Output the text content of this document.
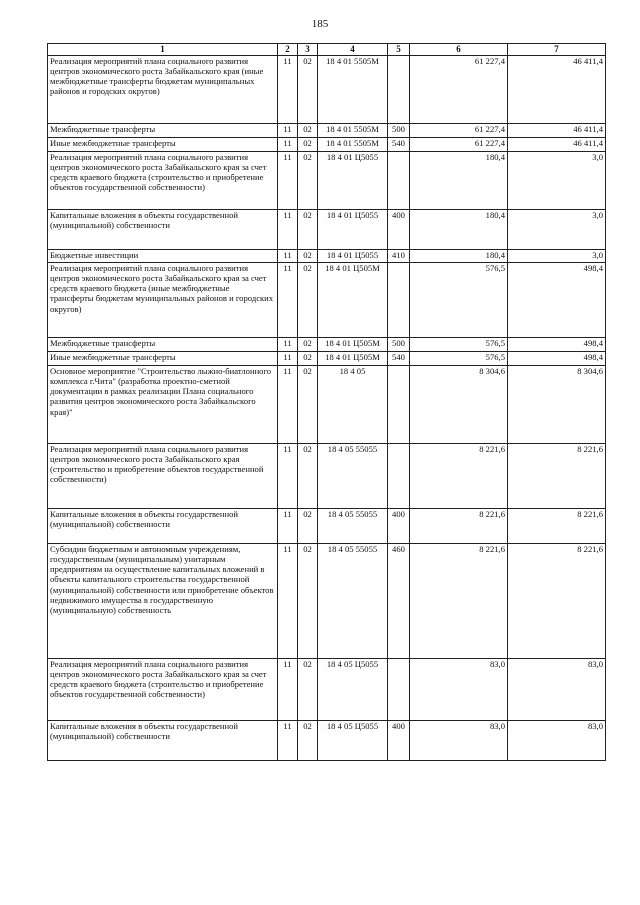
185
1	2	3	4	5	6	7
Реализация мероприятий плана социального развития центров экономического роста Забайкальского края (иные межбюджетные трансферты бюджетам муниципальных районов и городских округов)	11	02	18 4 01 5505М		61 227,4	46 411,4
Межбюджетные трансферты	11	02	18 4 01 5505М	500	61 227,4	46 411,4
Иные межбюджетные трансферты	11	02	18 4 01 5505М	540	61 227,4	46 411,4
Реализация мероприятий плана социального развития центров экономического роста Забайкальского края за счет средств краевого бюджета (строительство и приобретение объектов государственной собственности)	11	02	18 4 01 Ц5055		180,4	3,0
Капитальные вложения в объекты государственной (муниципальной) собственности	11	02	18 4 01 Ц5055	400	180,4	3,0
Бюджетные инвестиции	11	02	18 4 01 Ц5055	410	180,4	3,0
Реализация мероприятий плана социального развития центров экономического роста Забайкальского края за счет средств краевого бюджета (иные межбюджетные трансферты бюджетам муниципальных районов и городских округов)	11	02	18 4 01 Ц505М		576,5	498,4
Межбюджетные трансферты	11	02	18 4 01 Ц505М	500	576,5	498,4
Иные межбюджетные трансферты	11	02	18 4 01 Ц505М	540	576,5	498,4
Основное мероприятие "Строительство лыжно-биатлонного комплекса г.Чита" (разработка проектно-сметной документации в рамках реализации Плана социального развития центров экономического роста Забайкальского края)"	11	02	18 4 05		8 304,6	8 304,6
Реализация мероприятий плана социального развития центров экономического роста Забайкальского края (строительство и приобретение объектов государственной собственности)	11	02	18 4 05 55055		8 221,6	8 221,6
Капитальные вложения в объекты государственной (муниципальной) собственности	11	02	18 4 05 55055	400	8 221,6	8 221,6
Субсидии бюджетным и автономным учреждениям, государственным (муниципальным) унитарным предприятиям на осуществление капитальных вложений в объекты капитального строительства государственной (муниципальной) собственности или приобретение объектов недвижимого имущества в государственную (муниципальную) собственность	11	02	18 4 05 55055	460	8 221,6	8 221,6
Реализация мероприятий плана социального развития центров экономического роста Забайкальского края за счет средств краевого бюджета (строительство и приобретение объектов государственной собственности)	11	02	18 4 05 Ц5055		83,0	83,0
Капитальные вложения в объекты государственной (муниципальной) собственности	11	02	18 4 05 Ц5055	400	83,0	83,0
